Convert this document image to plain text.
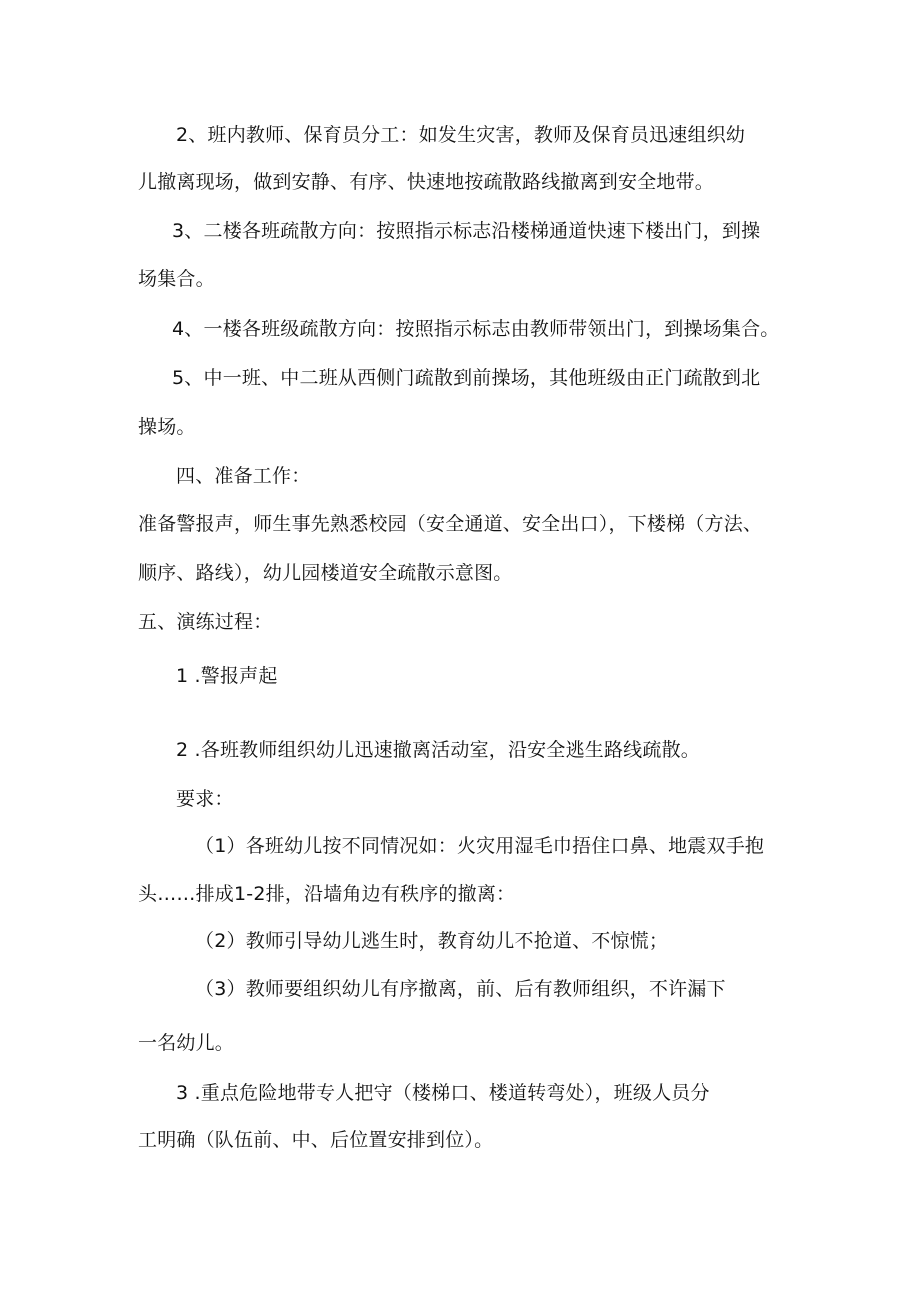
2、班内教师、保育员分工：如发生灾害，教师及保育员迅速组织幼
儿撤离现场，做到安静、有序、快速地按疏散路线撤离到安全地带。
3、二楼各班疏散方向：按照指示标志沿楼梯通道快速下楼出门，到操
场集合。
4、一楼各班级疏散方向：按照指示标志由教师带领出门，到操场集合。
5、中一班、中二班从西侧门疏散到前操场，其他班级由正门疏散到北
操场。
四、准备工作：
准备警报声，师生事先熟悉校园（安全通道、安全出口），下楼梯（方法、
顺序、路线），幼儿园楼道安全疏散示意图。
五、演练过程：
1 .警报声起
2 .各班教师组织幼儿迅速撤离活动室，沿安全逃生路线疏散。
要求：
（1）各班幼儿按不同情况如：火灾用湿毛巾捂住口鼻、地震双手抱
头……排成1-2排，沿墙角边有秩序的撤离：
（2）教师引导幼儿逃生时，教育幼儿不抢道、不惊慌；
（3）教师要组织幼儿有序撤离，前、后有教师组织，不许漏下
一名幼儿。
3 .重点危险地带专人把守（楼梯口、楼道转弯处），班级人员分
工明确（队伍前、中、后位置安排到位）。
